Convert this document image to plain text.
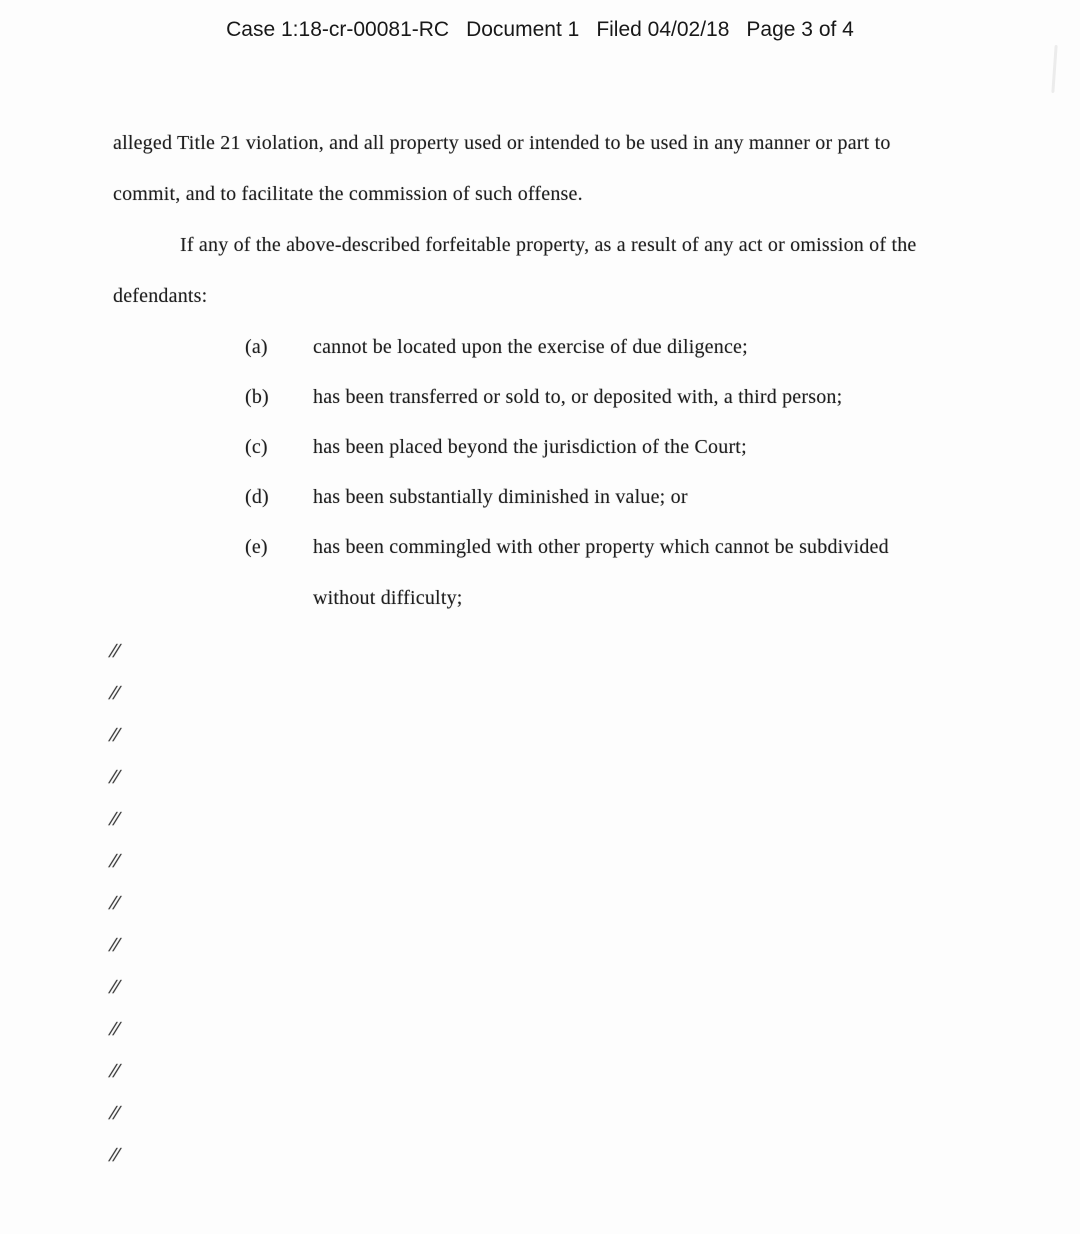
Case 1:18-cr-00081-RC Document 1 Filed 04/02/18 Page 3 of 4
alleged Title 21 violation, and all property used or intended to be used in any manner or part to
commit, and to facilitate the commission of such offense.
If any of the above-described forfeitable property, as a result of any act or omission of the
defendants:
(a) cannot be located upon the exercise of due diligence;
(b) has been transferred or sold to, or deposited with, a third person;
(c) has been placed beyond the jurisdiction of the Court;
(d) has been substantially diminished in value; or
(e) has been commingled with other property which cannot be subdivided
without difficulty;
//
//
//
//
//
//
//
//
//
//
//
//
//
